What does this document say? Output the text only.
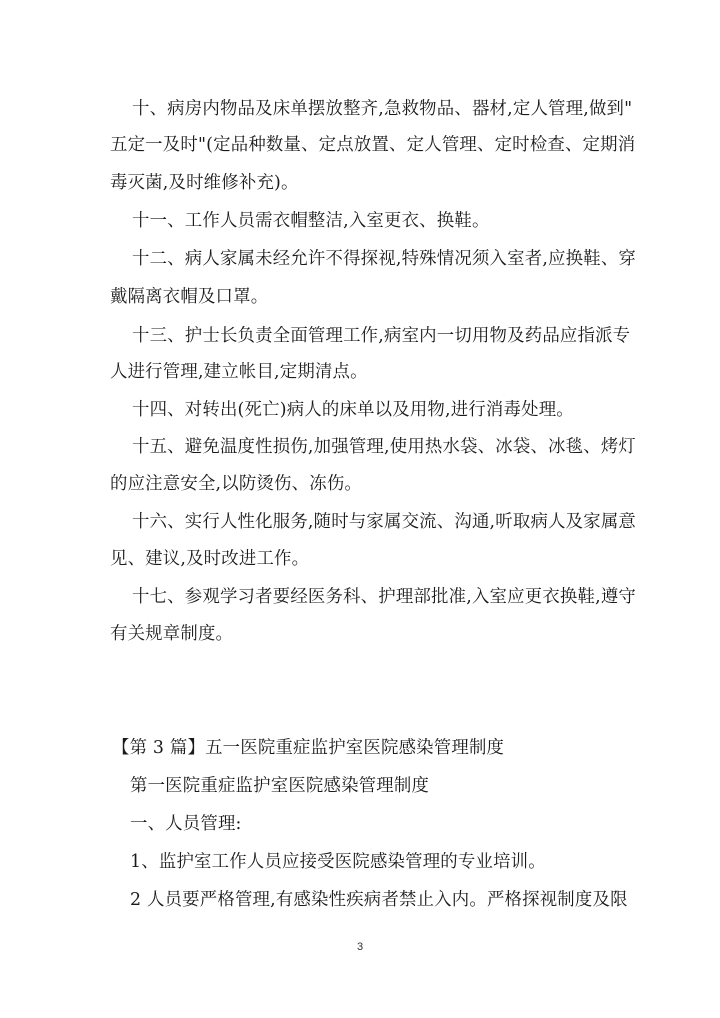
十、病房内物品及床单摆放整齐,急救物品、器材,定人管理,做到"
五定一及时"(定品种数量、定点放置、定人管理、定时检查、定期消
毒灭菌,及时维修补充)。
十一、工作人员需衣帽整洁,入室更衣、换鞋。
十二、病人家属未经允许不得探视,特殊情况须入室者,应换鞋、穿
戴隔离衣帽及口罩。
十三、护士长负责全面管理工作,病室内一切用物及药品应指派专
人进行管理,建立帐目,定期清点。
十四、对转出(死亡)病人的床单以及用物,进行消毒处理。
十五、避免温度性损伤,加强管理,使用热水袋、冰袋、冰毯、烤灯
的应注意安全,以防烫伤、冻伤。
十六、实行人性化服务,随时与家属交流、沟通,听取病人及家属意
见、建议,及时改进工作。
十七、参观学习者要经医务科、护理部批准,入室应更衣换鞋,遵守
有关规章制度。
【第 3 篇】五一医院重症监护室医院感染管理制度
第一医院重症监护室医院感染管理制度
一、人员管理:
1、监护室工作人员应接受医院感染管理的专业培训。
2 人员要严格管理,有感染性疾病者禁止入内。严格探视制度及限
3
